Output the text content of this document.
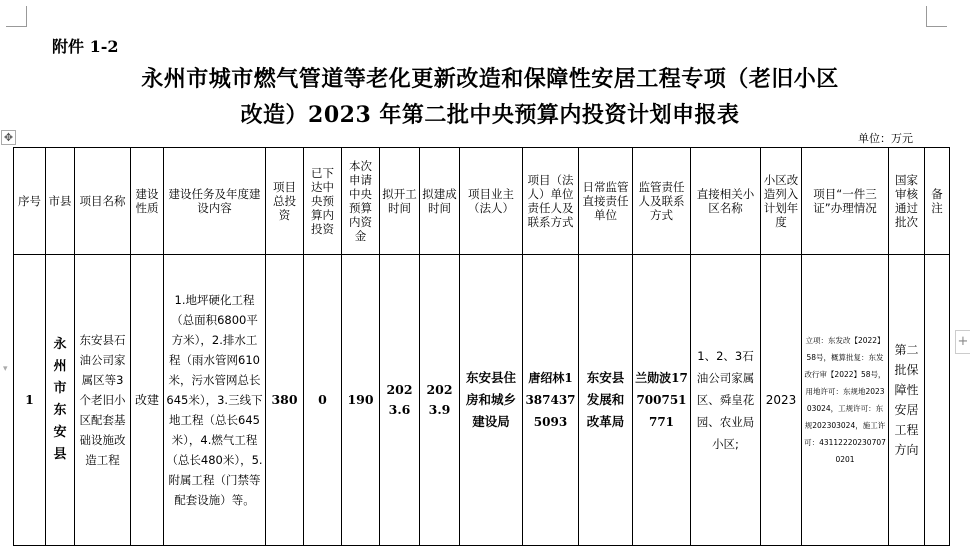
✥
+
▾
附件 1-2
永州市城市燃气管道等老化更新改造和保障性安居工程专项（老旧小区
改造）2023 年第二批中央预算内投资计划申报表
单位：万元
序号	市县	项目名称	建设性质	建设任务及年度建设内容	项目总投资	已下达中央预算内投资	本次申请中央预算内资金	拟开工时间	拟建成时间	项目业主（法人）	项目（法人）单位责任人及联系方式	日常监管直接责任单位	监管责任人及联系方式	直接相关小区名称	小区改造列入计划年度	项目“一件三证”办理情况	国家审核通过批次	备注
1	永州市东安县	东安县石油公司家属区等3个老旧小区配套基础设施改造工程	改建	1.地坪硬化工程（总面积6800平方米），2.排水工程（雨水管网610米，污水管网总长645米），3.三线下地工程（总长645米），4.燃气工程（总长480米），5.附属工程（门禁等配套设施）等。	380	0	190	2023.6	2023.9	东安县住房和城乡建设局	唐绍林13874375093	东安县发展和改革局	兰勋波17700751771	1、2、3石油公司家属区、舜皇花园、农业局小区;	2023	立项：东发改【2022】58号，概算批复：东发改行审【2022】58号，用地许可：东规地202303024，工规许可：东规202303024，施工许可：431122202307070201	第二批保障性安居工程方向	
